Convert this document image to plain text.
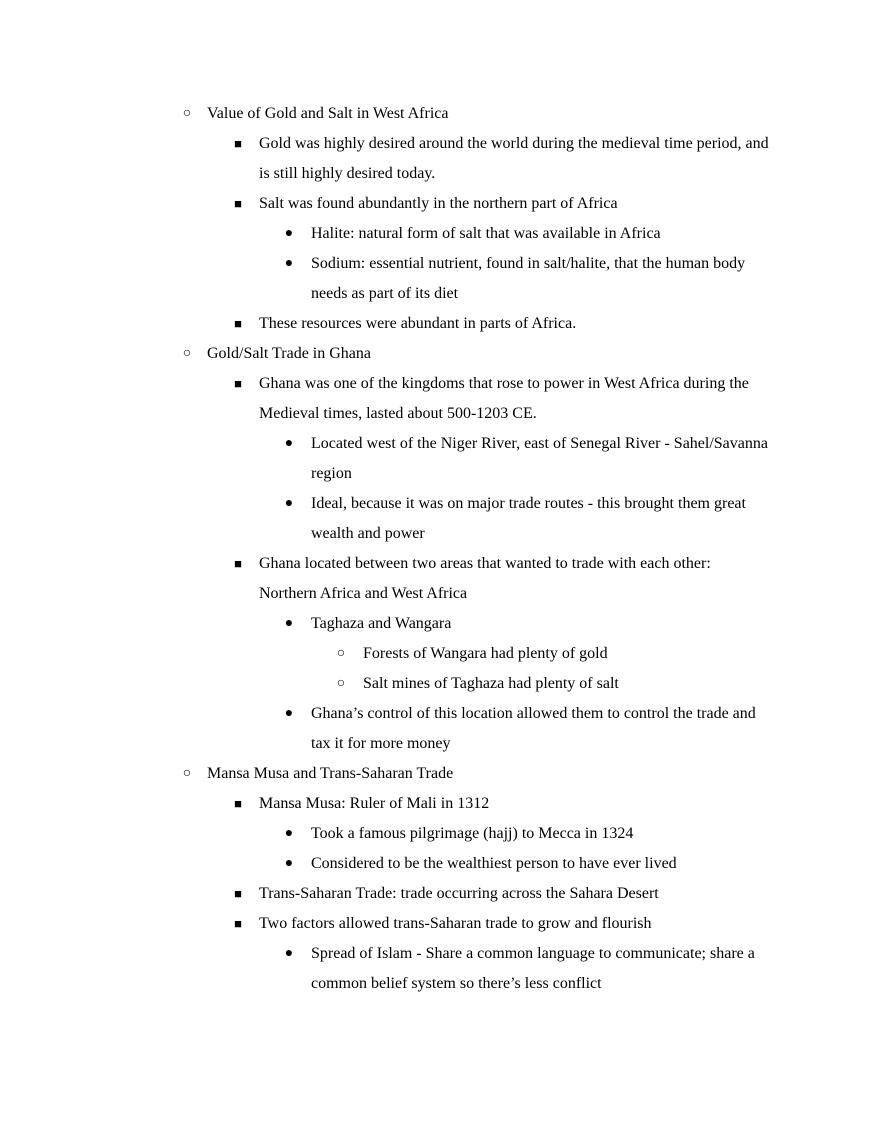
○ Value of Gold and Salt in West Africa
■ Gold was highly desired around the world during the medieval time period, and is still highly desired today.
■ Salt was found abundantly in the northern part of Africa
● Halite: natural form of salt that was available in Africa
● Sodium: essential nutrient, found in salt/halite, that the human body needs as part of its diet
■ These resources were abundant in parts of Africa.
○ Gold/Salt Trade in Ghana
■ Ghana was one of the kingdoms that rose to power in West Africa during the Medieval times, lasted about 500-1203 CE.
● Located west of the Niger River, east of Senegal River - Sahel/Savanna region
● Ideal, because it was on major trade routes - this brought them great wealth and power
■ Ghana located between two areas that wanted to trade with each other: Northern Africa and West Africa
● Taghaza and Wangara
○ Forests of Wangara had plenty of gold
○ Salt mines of Taghaza had plenty of salt
● Ghana’s control of this location allowed them to control the trade and tax it for more money
○ Mansa Musa and Trans-Saharan Trade
■ Mansa Musa: Ruler of Mali in 1312
● Took a famous pilgrimage (hajj) to Mecca in 1324
● Considered to be the wealthiest person to have ever lived
■ Trans-Saharan Trade: trade occurring across the Sahara Desert
■ Two factors allowed trans-Saharan trade to grow and flourish
● Spread of Islam - Share a common language to communicate; share a common belief system so there’s less conflict
